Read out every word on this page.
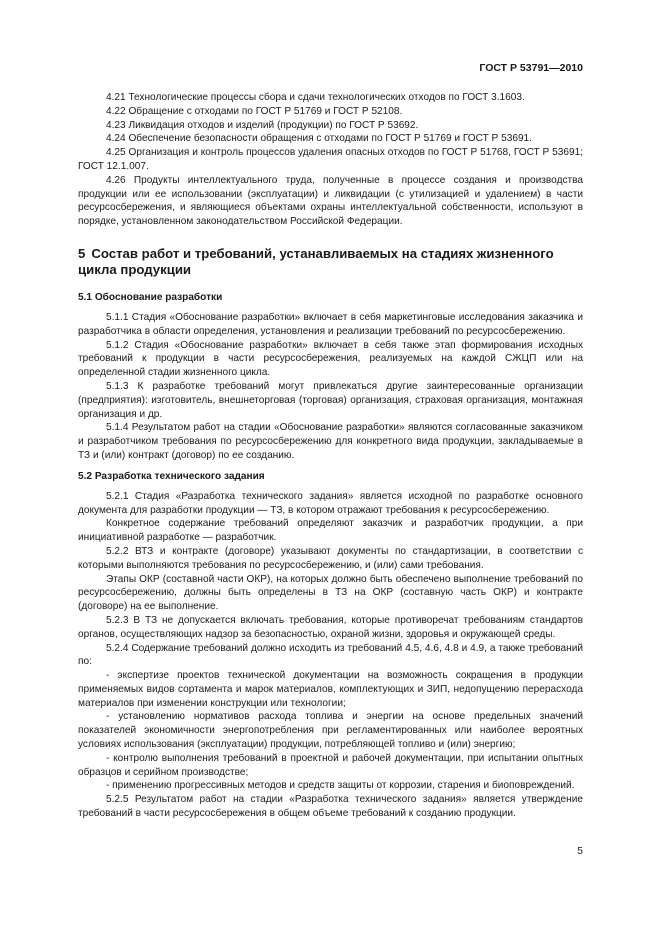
ГОСТ Р 53791—2010

4.21 Технологические процессы сбора и сдачи технологических отходов по ГОСТ 3.1603.

4.22 Обращение с отходами по ГОСТ Р 51769 и ГОСТ Р 52108.

4.23 Ликвидация отходов и изделий (продукции) по ГОСТ Р 53692.

4.24 Обеспечение безопасности обращения с отходами по ГОСТ Р 51769 и ГОСТ Р 53691.

4.25 Организация и контроль процессов удаления опасных отходов по ГОСТ Р 51768, ГОСТ Р 53691; ГОСТ 12.1.007.

4.26 Продукты интеллектуального труда, полученные в процессе создания и производства продукции или ее использовании (эксплуатации) и ликвидации (с утилизацией и удалением) в части ресурсосбережения, и являющиеся объектами охраны интеллектуальной собственности, используют в порядке, установленном законодательством Российской Федерации.

5 Состав работ и требований, устанавливаемых на стадиях жизненного цикла продукции
5.1 Обоснование разработки

5.1.1 Стадия «Обоснование разработки» включает в себя маркетинговые исследования заказчика и разработчика в области определения, установления и реализации требований по ресурсосбережению.

5.1.2 Стадия «Обоснование разработки» включает в себя также этап формирования исходных требований к продукции в части ресурсосбережения, реализуемых на каждой СЖЦП или на определенной стадии жизненного цикла.

5.1.3 К разработке требований могут привлекаться другие заинтересованные организации (предприятия): изготовитель, внешнеторговая (торговая) организация, страховая организация, монтажная организация и др.

5.1.4 Результатом работ на стадии «Обоснование разработки» являются согласованные заказчиком и разработчиком требования по ресурсосбережению для конкретного вида продукции, закладываемые в ТЗ и (или) контракт (договор) по ее созданию.

5.2 Разработка технического задания

5.2.1 Стадия «Разработка технического задания» является исходной по разработке основного документа для разработки продукции — ТЗ, в котором отражают требования к ресурсосбережению.

Конкретное содержание требований определяют заказчик и разработчик продукции, а при инициативной разработке — разработчик.

5.2.2 ВТЗ и контракте (договоре) указывают документы по стандартизации, в соответствии с которыми выполняются требования по ресурсосбережению, и (или) сами требования.

Этапы ОКР (составной части ОКР), на которых должно быть обеспечено выполнение требований по ресурсосбережению, должны быть определены в ТЗ на ОКР (составную часть ОКР) и контракте (договоре) на ее выполнение.

5.2.3 В ТЗ не допускается включать требования, которые противоречат требованиям стандартов органов, осуществляющих надзор за безопасностью, охраной жизни, здоровья и окружающей среды.

5.2.4 Содержание требований должно исходить из требований 4.5, 4.6, 4.8 и 4.9, а также требований по:

- экспертизе проектов технической документации на возможность сокращения в продукции применяемых видов сортамента и марок материалов, комплектующих и ЗИП, недопущению перерасхода материалов при изменении конструкции или технологии;

- установлению нормативов расхода топлива и энергии на основе предельных значений показателей экономичности энергопотребления при регламентированных или наиболее вероятных условиях использования (эксплуатации) продукции, потребляющей топливо и (или) энергию;

- контролю выполнения требований в проектной и рабочей документации, при испытании опытных образцов и серийном производстве;

- применению прогрессивных методов и средств защиты от коррозии, старения и биоповреждений.

5.2.5 Результатом работ на стадии «Разработка технического задания» является утверждение требований в части ресурсосбережения в общем объеме требований к созданию продукции.

5
